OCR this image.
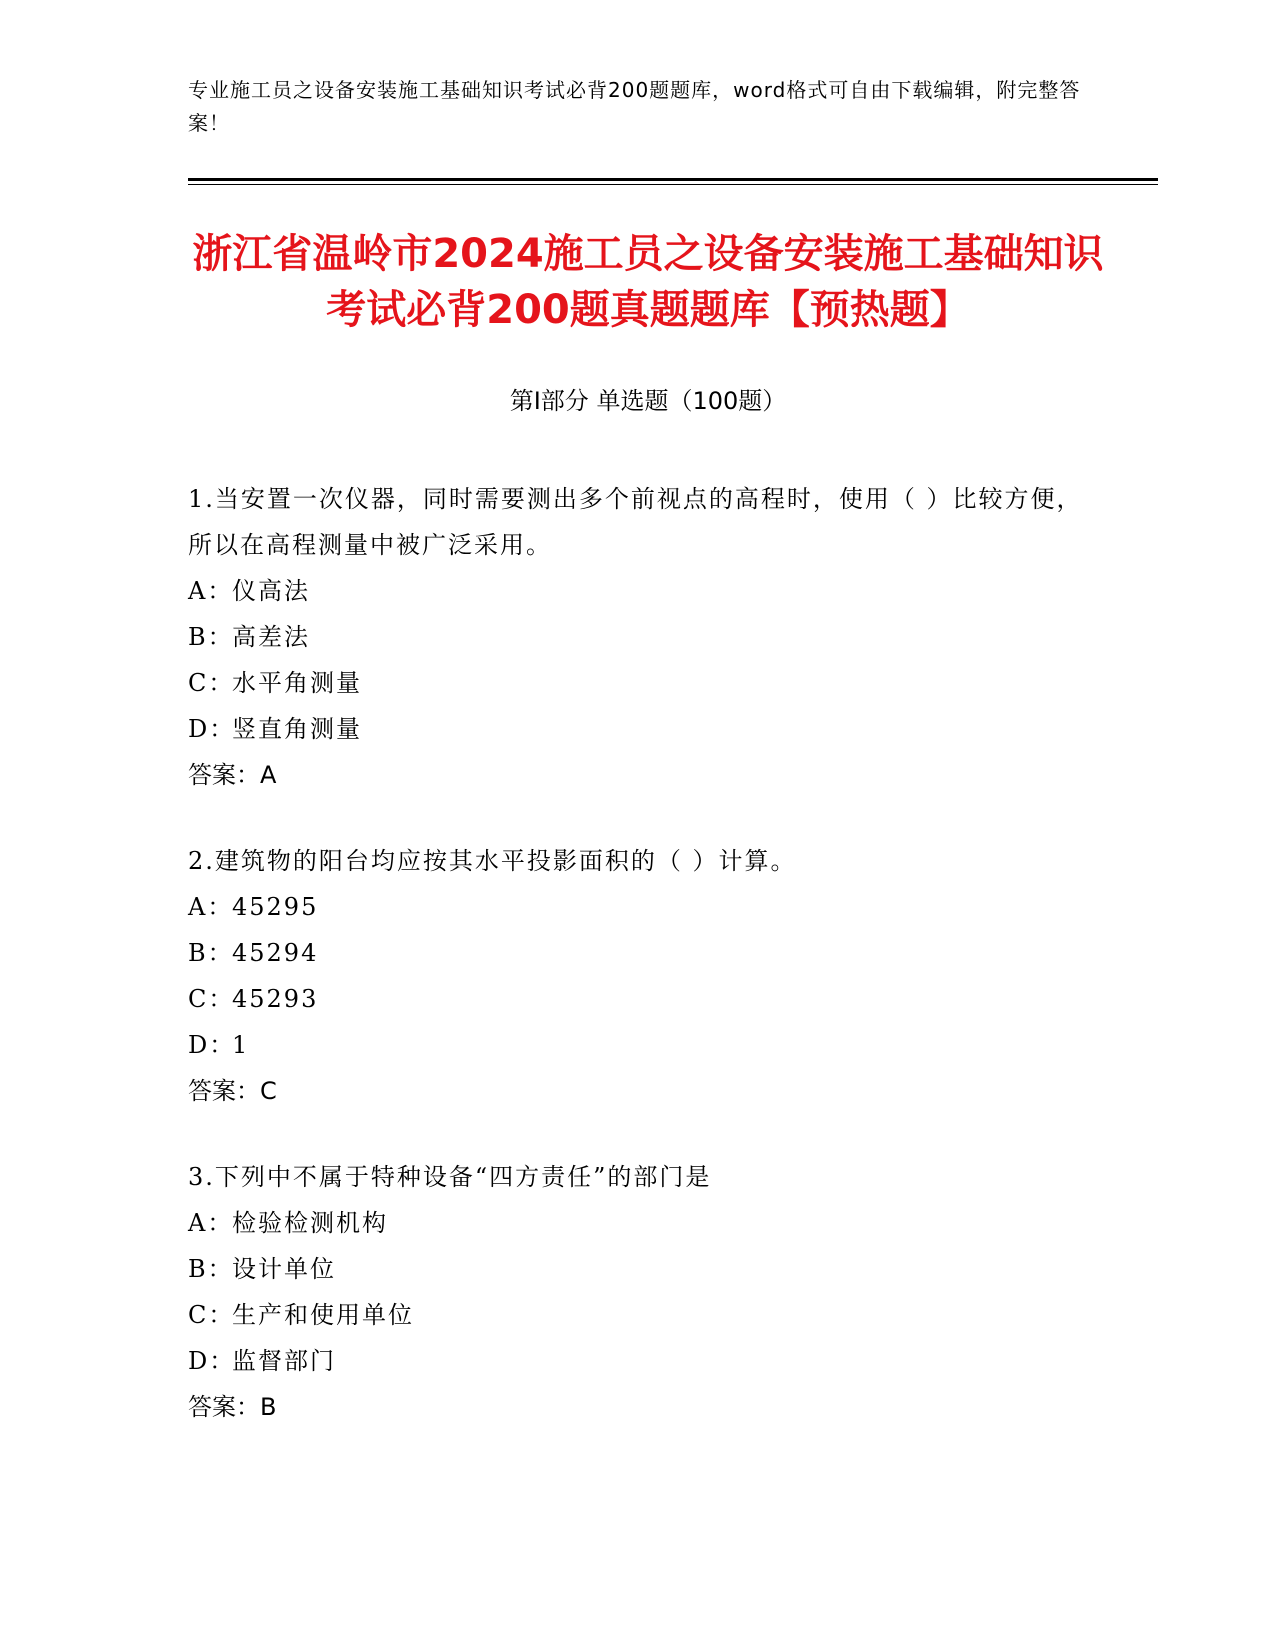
专业施工员之设备安装施工基础知识考试必背200题题库，word格式可自由下载编辑，附完整答案！
浙江省温岭市2024施工员之设备安装施工基础知识考试必背200题真题题库【预热题】
第I部分 单选题（100题）
1.当安置一次仪器，同时需要测出多个前视点的高程时，使用（ ）比较方便，所以在高程测量中被广泛采用。
A：仪高法
B：高差法
C：水平角测量
D：竖直角测量
答案：A
2.建筑物的阳台均应按其水平投影面积的（ ）计算。
A：45295
B：45294
C：45293
D：1
答案：C
3.下列中不属于特种设备“四方责任”的部门是
A：检验检测机构
B：设计单位
C：生产和使用单位
D：监督部门
答案：B
